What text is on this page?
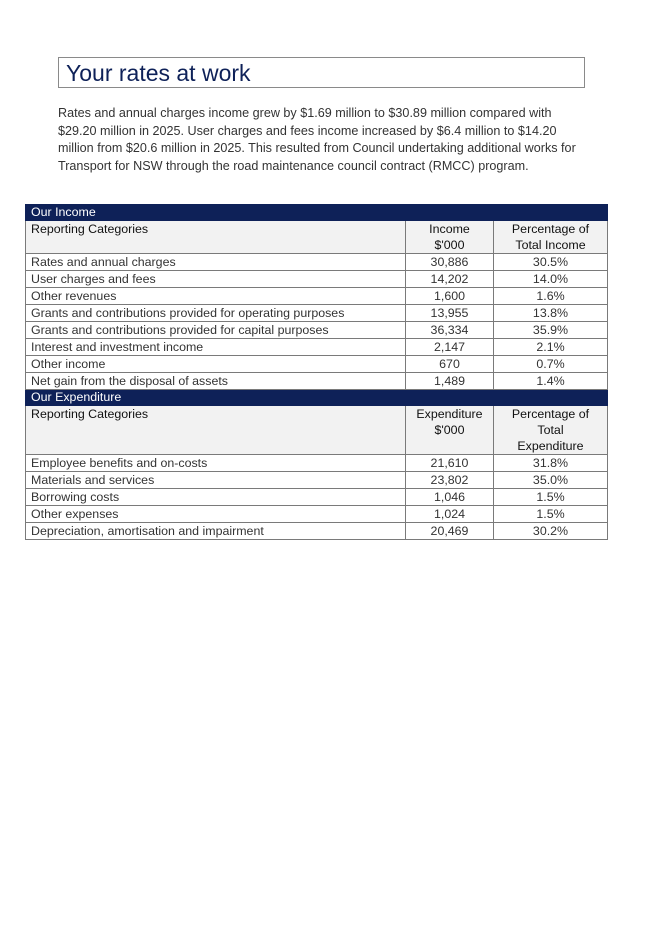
Your rates at work

Rates and annual charges income grew by $1.69 million to $30.89 million compared with $29.20 million in 2025. User charges and fees income increased by $6.4 million to $14.20 million from $20.6 million in 2025. This resulted from Council undertaking additional works for Transport for NSW through the road maintenance council contract (RMCC) program.

Our Income		
Reporting Categories	Income $'000	Percentage of Total Income
Rates and annual charges	30,886	30.5%
User charges and fees	14,202	14.0%
Other revenues	1,600	1.6%
Grants and contributions provided for operating purposes	13,955	13.8%
Grants and contributions provided for capital purposes	36,334	35.9%
Interest and investment income	2,147	2.1%
Other income	670	0.7%
Net gain from the disposal of assets	1,489	1.4%
Our Expenditure		
Reporting Categories	Expenditure $'000	Percentage of Total Expenditure
Employee benefits and on-costs	21,610	31.8%
Materials and services	23,802	35.0%
Borrowing costs	1,046	1.5%
Other expenses	1,024	1.5%
Depreciation, amortisation and impairment	20,469	30.2%
